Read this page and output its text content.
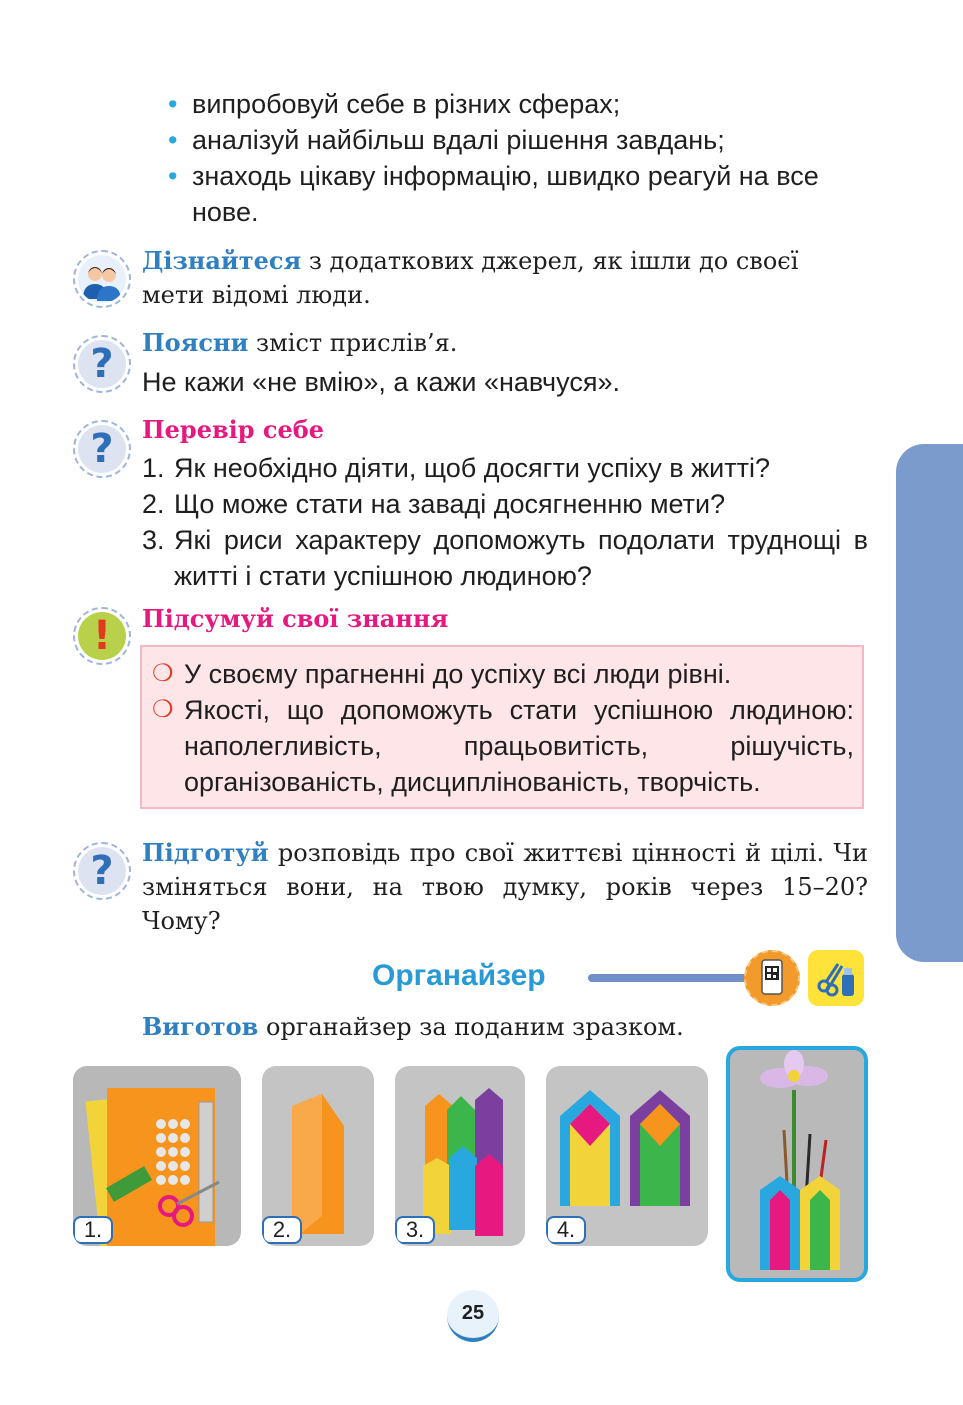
• випробовуй себе в різних сферах;
• аналізуй найбільш вдалі рішення завдань;
• знаходь цікаву інформацію, швидко реагуй на все нове.
Дізнайтеся з додаткових джерел, як ішли до своєї мети відомі люди.
?	Поясни зміст прислів’я.
Не кажи «не вмію», а кажи «навчуся».
?	Перевір себе
1. Як необхідно діяти, щоб досягти успіху в житті?
2. Що може стати на заваді досягненню мети?
3. Які риси характеру допоможуть подолати труднощі в житті і стати успішною людиною?
!	Підсумуй свої знання
❍ У своєму прагненні до успіху всі люди рівні.
❍ Якості, що допоможуть стати успішною людиною: наполегливість, працьовитість, рішучість, організованість, дисциплінованість, творчість.
?	Підготуй розповідь про свої життєві цінності й цілі. Чи зміняться вони, на твою думку, років через 15–20? Чому?
Органайзер
Виготов органайзер за поданим зразком.
1.	2.	3.	4.
25
